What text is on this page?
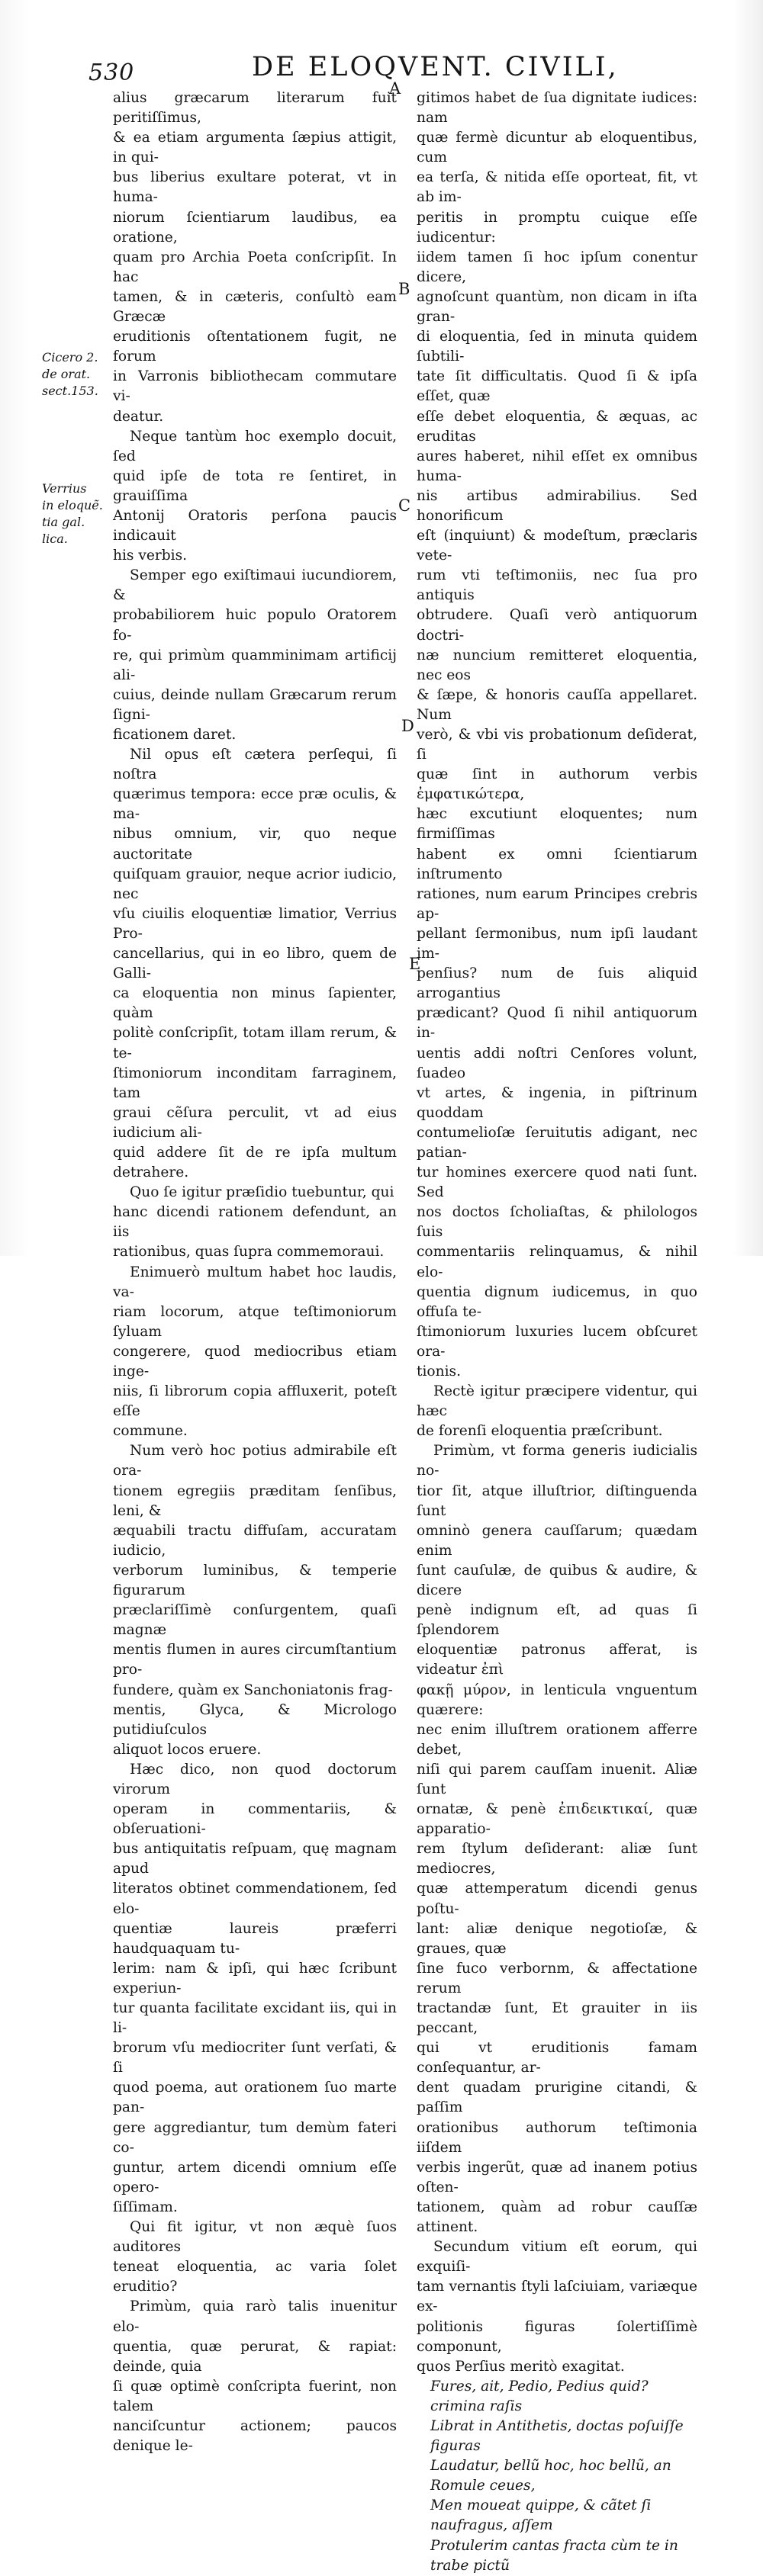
530	DE ELOQVENT. CIVILI,
A
B
C
D
E
Cicero 2.
de orat.
sect.153.
Verrius
in eloquẽ.
tia gal.
lica.

alius græcarum literarum fuit peritiſſimus,
& ea etiam argumenta ſæpius attigit, in qui-
bus liberius exultare poterat, vt in huma-
niorum ſcientiarum laudibus, ea oratione,
quam pro Archia Poeta conſcripſit. In hac
tamen, & in cæteris, conſultò eam Græcæ
eruditionis oſtentationem fugit, ne forum
in Varronis bibliothecam commutare vi-
deatur.

Neque tantùm hoc exemplo docuit, ſed
quid ipſe de tota re ſentiret, in grauiſſima
Antonij Oratoris perſona paucis indicauit
his verbis.

Semper ego exiſtimaui iucundiorem, &
probabiliorem huic populo Oratorem fo-
re, qui primùm quamminimam artificij ali-
cuius, deinde nullam Græcarum rerum ſigni-
ficationem daret.

Nil opus eſt cætera perſequi, ſi noſtra
quærimus tempora: ecce præ oculis, & ma-
nibus omnium, vir, quo neque auctoritate
quiſquam grauior, neque acrior iudicio, nec
vſu ciuilis eloquentiæ limatior, Verrius Pro-
cancellarius, qui in eo libro, quem de Galli-
ca eloquentia non minus ſapienter, quàm
politè conſcripſit, totam illam rerum, & te-
ſtimoniorum inconditam farraginem, tam
graui cẽſura perculit, vt ad eius iudicium ali-
quid addere ſit de re ipſa multum detrahere.

Quo ſe igitur præſidio tuebuntur, qui
hanc dicendi rationem defendunt, an iis
rationibus, quas ſupra commemoraui.

Enimuerò multum habet hoc laudis, va-
riam locorum, atque teſtimoniorum ſyluam
congerere, quod mediocribus etiam inge-
niis, ſi librorum copia affluxerit, poteſt eſſe
commune.

Num verò hoc potius admirabile eſt ora-
tionem egregiis præditam ſenſibus, leni, &
æquabili tractu diffuſam, accuratam iudicio,
verborum luminibus, & temperie figurarum
præclariſſimè conſurgentem, quaſi magnæ
mentis flumen in aures circumſtantium pro-
fundere, quàm ex Sanchoniatonis frag-
mentis, Glyca, & Micrologo putidiuſculos
aliquot locos eruere.

Hæc dico, non quod doctorum virorum
operam in commentariis, & obſeruationi-
bus antiquitatis reſpuam, quę magnam apud
literatos obtinet commendationem, ſed elo-
quentiæ laureis præferri haudquaquam tu-
lerim: nam & ipſi, qui hæc ſcribunt experiun-
tur quanta facilitate excidant iis, qui in li-
brorum vſu mediocriter ſunt verſati, & ſi
quod poema, aut orationem ſuo marte pan-
gere aggrediantur, tum demùm fateri co-
guntur, artem dicendi omnium eſſe opero-
ſiſſimam.

Qui fit igitur, vt non æquè ſuos auditores
teneat eloquentia, ac varia ſolet eruditio?

Primùm, quia rarò talis inuenitur elo-
quentia, quæ perurat, & rapiat: deinde, quia
ſi quæ optimè conſcripta fuerint, non talem
nanciſcuntur actionem; paucos denique le-

gitimos habet de ſua dignitate iudices: nam
quæ fermè dicuntur ab eloquentibus, cum
ea terſa, & nitida eſſe oporteat, fit, vt ab im-
peritis in promptu cuique eſſe iudicentur:
iidem tamen ſi hoc ipſum conentur dicere,
agnoſcunt quantùm, non dicam in iſta gran-
di eloquentia, ſed in minuta quidem ſubtili-
tate ſit difficultatis. Quod ſi & ipſa eſſet, quæ
eſſe debet eloquentia, & æquas, ac eruditas
aures haberet, nihil eſſet ex omnibus huma-
nis artibus admirabilius. Sed honorificum
eſt (inquiunt) & modeſtum, præclaris vete-
rum vti teſtimoniis, nec ſua pro antiquis
obtrudere. Quaſi verò antiquorum doctri-
næ nuncium remitteret eloquentia, nec eos
& ſæpe, & honoris cauſſa appellaret. Num
verò, & vbi vis probationum deſiderat, ſi
quæ ſint in authorum verbis ἐμφατικώτερα,
hæc excutiunt eloquentes; num firmiſſimas
habent ex omni ſcientiarum inſtrumento
rationes, num earum Principes crebris ap-
pellant ſermonibus, num ipſi laudant im-
penſius? num de ſuis aliquid arrogantius
prædicant? Quod ſi nihil antiquorum in-
uentis addi noſtri Cenſores volunt, ſuadeo
vt artes, & ingenia, in piſtrinum quoddam
contumelioſæ ſeruitutis adigant, nec patian-
tur homines exercere quod nati ſunt. Sed
nos doctos ſcholiaſtas, & philologos ſuis
commentariis relinquamus, & nihil elo-
quentia dignum iudicemus, in quo offuſa te-
ſtimoniorum luxuries lucem obſcuret ora-
tionis.

Rectè igitur præcipere videntur, qui hæc
de forenſi eloquentia præſcribunt.

Primùm, vt forma generis iudicialis no-
tior ſit, atque illuſtrior, diſtinguenda ſunt
omninò genera cauſſarum; quædam enim
ſunt cauſulæ, de quibus & audire, & dicere
penè indignum eſt, ad quas ſi ſplendorem
eloquentiæ patronus afferat, is videatur ἐπὶ
φακῇ μύρον, in lenticula vnguentum quærere:
nec enim illuſtrem orationem afferre debet,
niſi qui parem cauſſam inuenit. Aliæ ſunt
ornatæ, & penè ἐπιδεικτικαί, quæ apparatio-
rem ſtylum deſiderant: aliæ ſunt mediocres,
quæ attemperatum dicendi genus poſtu-
lant: aliæ denique negotioſæ, & graues, quæ
ſine fuco verbornm, & affectatione rerum
tractandæ ſunt, Et grauiter in iis peccant,
qui vt eruditionis famam conſequantur, ar-
dent quadam prurigine citandi, & paſſim
orationibus authorum teſtimonia iiſdem
verbis ingerũt, quæ ad inanem potius oſten-
tationem, quàm ad robur cauſſæ attinent.

Secundum vitium eſt eorum, qui exquiſi-
tam vernantis ſtyli laſciuiam, variæque ex-
politionis figuras ſolertiſſimè componunt,
quos Perſius meritò exagitat.

Fures, ait, Pedio, Pedius quid? crimina raſis
Librat in Antithetis, doctas poſuiſſe figuras
Laudatur, bellũ hoc, hoc bellũ, an Romule ceues,
Men moueat quippe, & cãtet ſi naufragus, aſſem
Protulerim cantas fracta cùm te in trabe pictũ
